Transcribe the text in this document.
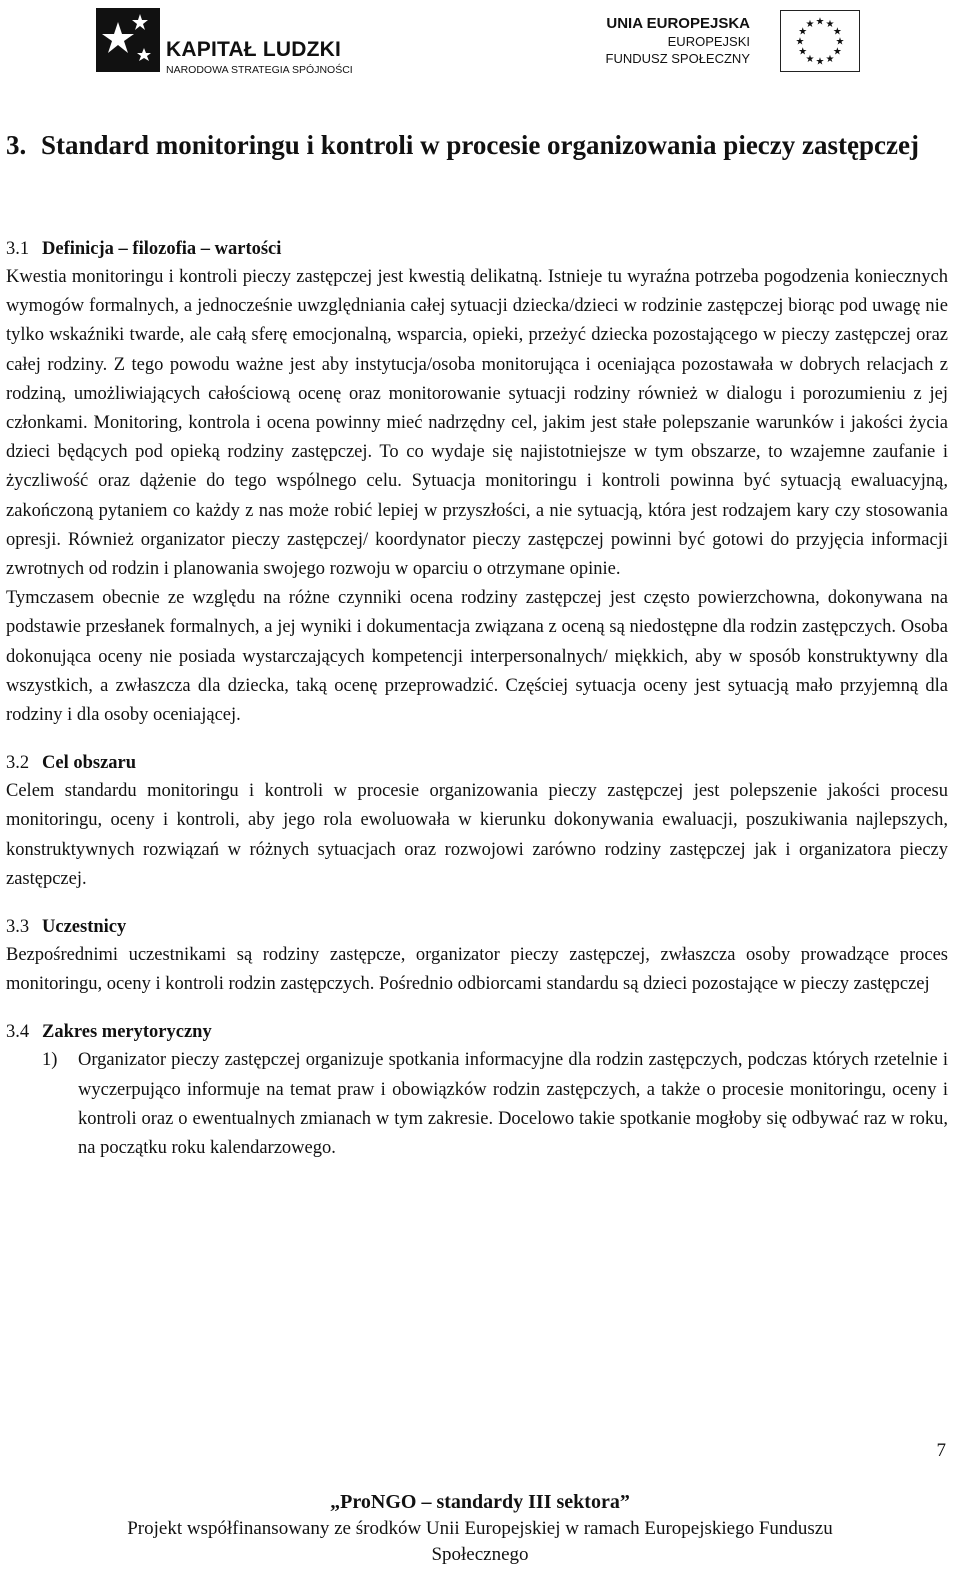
KAPITAŁ LUDZKI
NARODOWA STRATEGIA SPÓJNOŚCI
UNIA EUROPEJSKA
EUROPEJSKI
FUNDUSZ SPOŁECZNY
★ ★
★
★
★
★
★
★
★
★
★
★
3. Standard monitoringu i kontroli w procesie organizowania pieczy zastępczej
3.1 Definicja – filozofia – wartości

Kwestia monitoringu i kontroli pieczy zastępczej jest kwestią delikatną. Istnieje tu wyraźna potrzeba pogodzenia koniecznych wymogów formalnych, a jednocześnie uwzględniania całej sytuacji dziecka/dzieci w rodzinie zastępczej biorąc pod uwagę nie tylko wskaźniki twarde, ale całą sferę emocjonalną, wsparcia, opieki, przeżyć dziecka pozostającego w pieczy zastępczej oraz całej rodziny. Z tego powodu ważne jest aby instytucja/osoba monitorująca i oceniająca pozostawała w dobrych relacjach z rodziną, umożliwiających całościową ocenę oraz monitorowanie sytuacji rodziny również w dialogu i porozumieniu z jej członkami. Monitoring, kontrola i ocena powinny mieć nadrzędny cel, jakim jest stałe polepszanie warunków i jakości życia dzieci będących pod opieką rodziny zastępczej. To co wydaje się najistotniejsze w tym obszarze, to wzajemne zaufanie i życzliwość oraz dążenie do tego wspólnego celu. Sytuacja monitoringu i kontroli powinna być sytuacją ewaluacyjną, zakończoną pytaniem co każdy z nas może robić lepiej w przyszłości, a nie sytuacją, która jest rodzajem kary czy stosowania opresji. Również organizator pieczy zastępczej/ koordynator pieczy zastępczej powinni być gotowi do przyjęcia informacji zwrotnych od rodzin i planowania swojego rozwoju w oparciu o otrzymane opinie.

Tymczasem obecnie ze względu na różne czynniki ocena rodziny zastępczej jest często powierzchowna, dokonywana na podstawie przesłanek formalnych, a jej wyniki i dokumentacja związana z oceną są niedostępne dla rodzin zastępczych. Osoba dokonująca oceny nie posiada wystarczających kompetencji interpersonalnych/ miękkich, aby w sposób konstruktywny dla wszystkich, a zwłaszcza dla dziecka, taką ocenę przeprowadzić. Częściej sytuacja oceny jest sytuacją mało przyjemną dla rodziny i dla osoby oceniającej.

3.2 Cel obszaru

Celem standardu monitoringu i kontroli w procesie organizowania pieczy zastępczej jest polepszenie jakości procesu monitoringu, oceny i kontroli, aby jego rola ewoluowała w kierunku dokonywania ewaluacji, poszukiwania najlepszych, konstruktywnych rozwiązań w różnych sytuacjach oraz rozwojowi zarówno rodziny zastępczej jak i organizatora pieczy zastępczej.

3.3 Uczestnicy

Bezpośrednimi uczestnikami są rodziny zastępcze, organizator pieczy zastępczej, zwłaszcza osoby prowadzące proces monitoringu, oceny i kontroli rodzin zastępczych. Pośrednio odbiorcami standardu są dzieci pozostające w pieczy zastępczej

3.4 Zakres merytoryczny
1) Organizator pieczy zastępczej organizuje spotkania informacyjne dla rodzin zastępczych, podczas których rzetelnie i wyczerpująco informuje na temat praw i obowiązków rodzin zastępczych, a także o procesie monitoringu, oceny i kontroli oraz o ewentualnych zmianach w tym zakresie. Docelowo takie spotkanie mogłoby się odbywać raz w roku, na początku roku kalendarzowego.
7
„ProNGO – standardy III sektora”
Projekt współfinansowany ze środków Unii Europejskiej w ramach Europejskiego Funduszu
Społecznego
